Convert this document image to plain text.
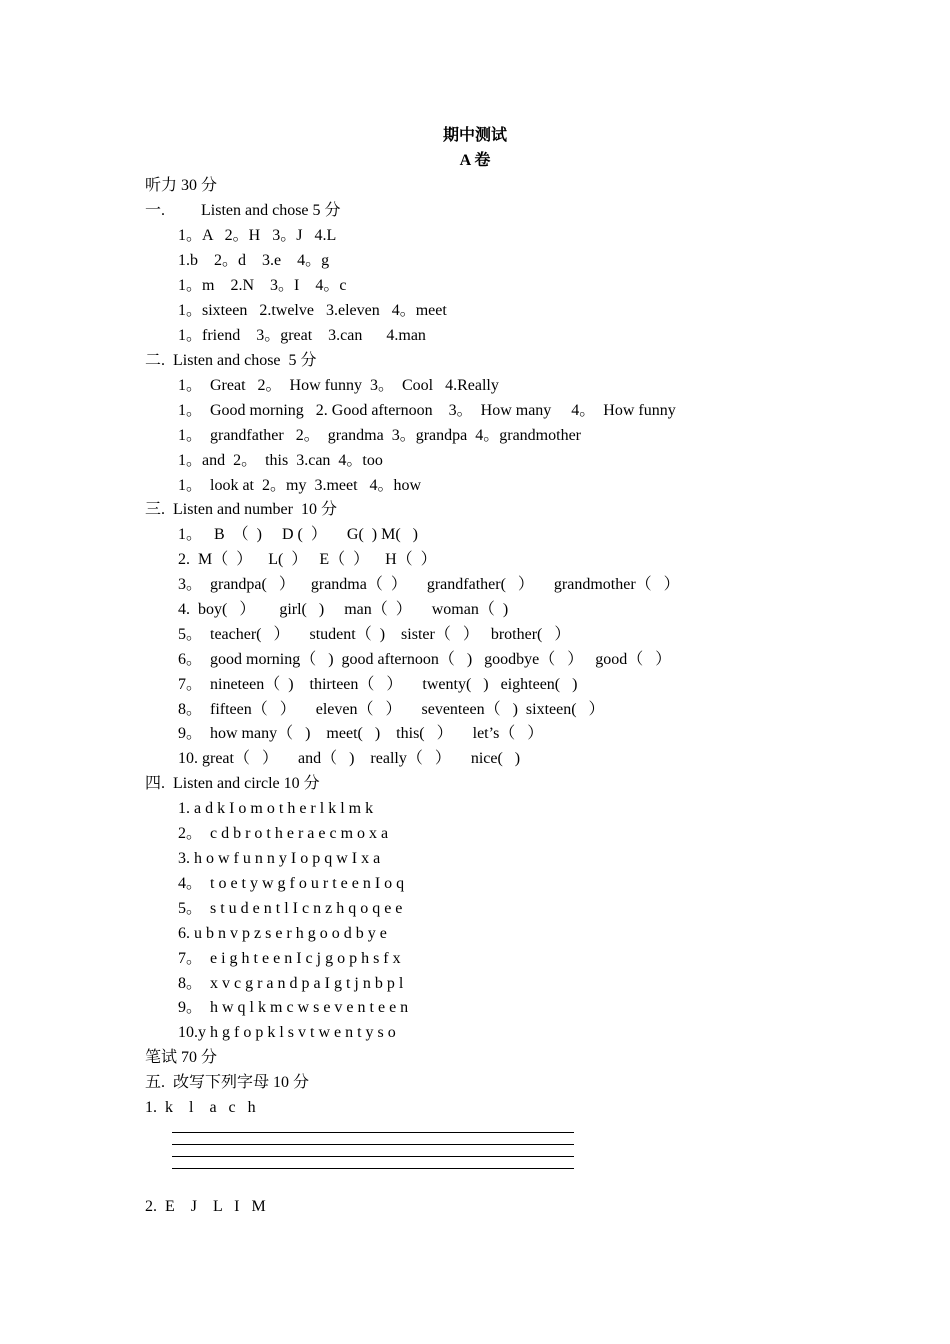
期中测试
A 卷
听力 30 分
一.         Listen and chose 5 分
1。A   2。H   3。J   4.L
1.b    2。d    3.e    4。g
1。m    2.N    3。I    4。c
1。sixteen   2.twelve   3.eleven   4。meet
1。friend    3。great    3.can      4.man
二.  Listen and chose  5 分
1。  Great   2。  How funny  3。  Cool   4.Really
1。  Good morning   2. Good afternoon    3。  How many     4。  How funny
1。  grandfather   2。  grandma  3。grandpa  4。grandmother
1。and  2。  this  3.can  4。too
1。  look at  2。my  3.meet   4。how
三.  Listen and number  10 分
1。   B  （  )     D (  ）     G(  ) M(   )
2.  M（  ）    L(  ）   E（  ）    H（  ）
3。  grandpa(   ）    grandma（  ）     grandfather(   ）     grandmother（   ）
4.  boy(   ）      girl(   )     man（  ）     woman（  )
5。  teacher(   ）     student（  )    sister（   ）   brother(   ）
6。  good morning（   )  good afternoon（   )   goodbye（   ）   good（   ）
7。  nineteen（  )    thirteen（   ）     twenty(   )   eighteen(   )
8。  fifteen（   ）     eleven（   ）     seventeen（   )  sixteen(   ）
9。  how many（   )    meet(   )    this(   ）     let’s（   ）
10. great（   ）     and（   )    really（   ）     nice(   )
四.  Listen and circle 10 分
1. a d k I o m o t h e r l k l m k
2。  c d b r o t h e r a e c m o x a
3. h o w f u n n y I o p q w I x a
4。  t o e t y w g f o u r t e e n I o q
5。  s t u d e n t l I c n z h q o q e e
6. u b n v p z s e r h g o o d b y e
7。  e i g h t e e n I c j g o p h s f x
8。  x v c g r a n d p a I g t j n b p l
9。  h w q l k m c w s e v e n t e e n
10.y h g f o p k l s v t w e n t y s o
笔试 70 分
五.  改写下列字母 10 分
1.  k    l    a   c   h
2.  E    J    L   I   M
